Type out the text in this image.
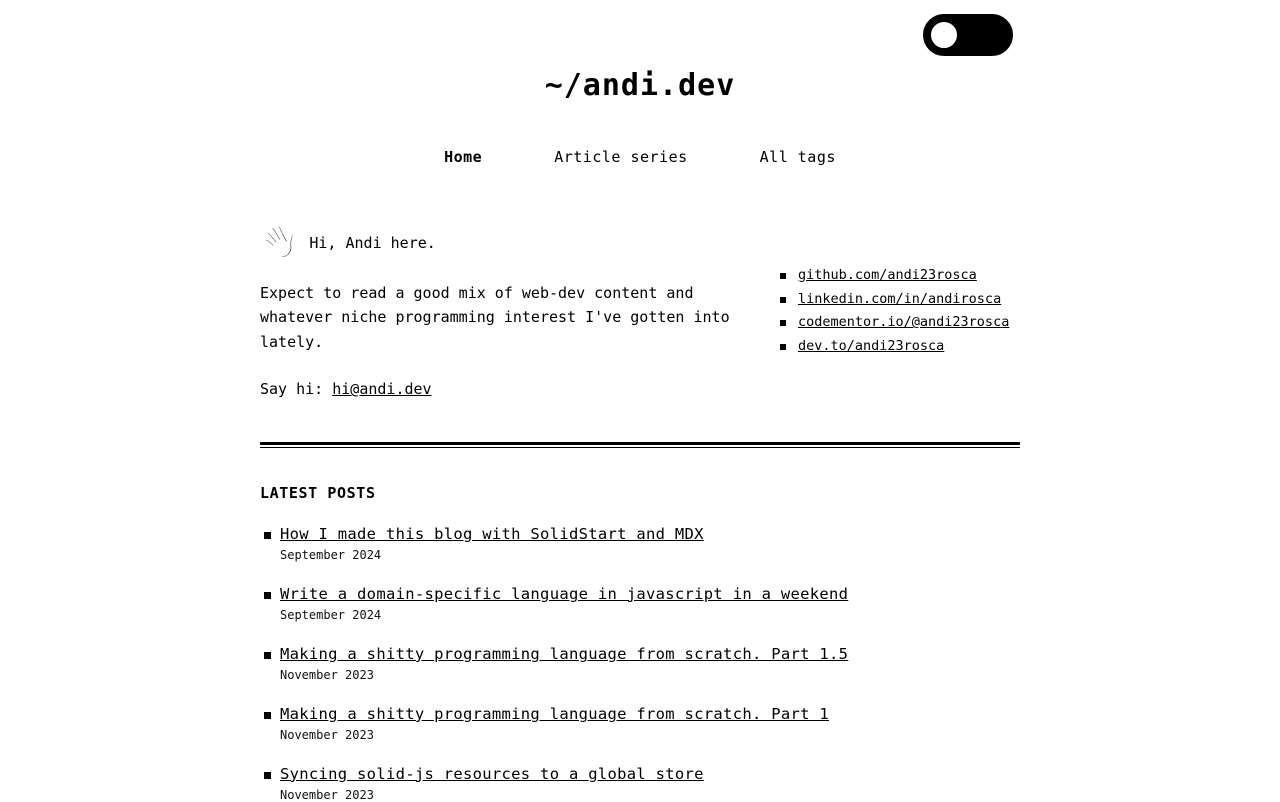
~/andi.dev
Home	Article series	All tags
👋 Hi, Andi here.

Expect to read a good mix of web-dev content and whatever niche programming interest I've gotten into lately.

Say hi: hi@andi.dev

github.com/andi23rosca
linkedin.com/in/andirosca
codementor.io/@andi23rosca
dev.to/andi23rosca
LATEST POSTS
How I made this blog with SolidStart and MDX
September 2024
Write a domain-specific language in javascript in a weekend
September 2024
Making a shitty programming language from scratch. Part 1.5
November 2023
Making a shitty programming language from scratch. Part 1
November 2023
Syncing solid-js resources to a global store
November 2023
